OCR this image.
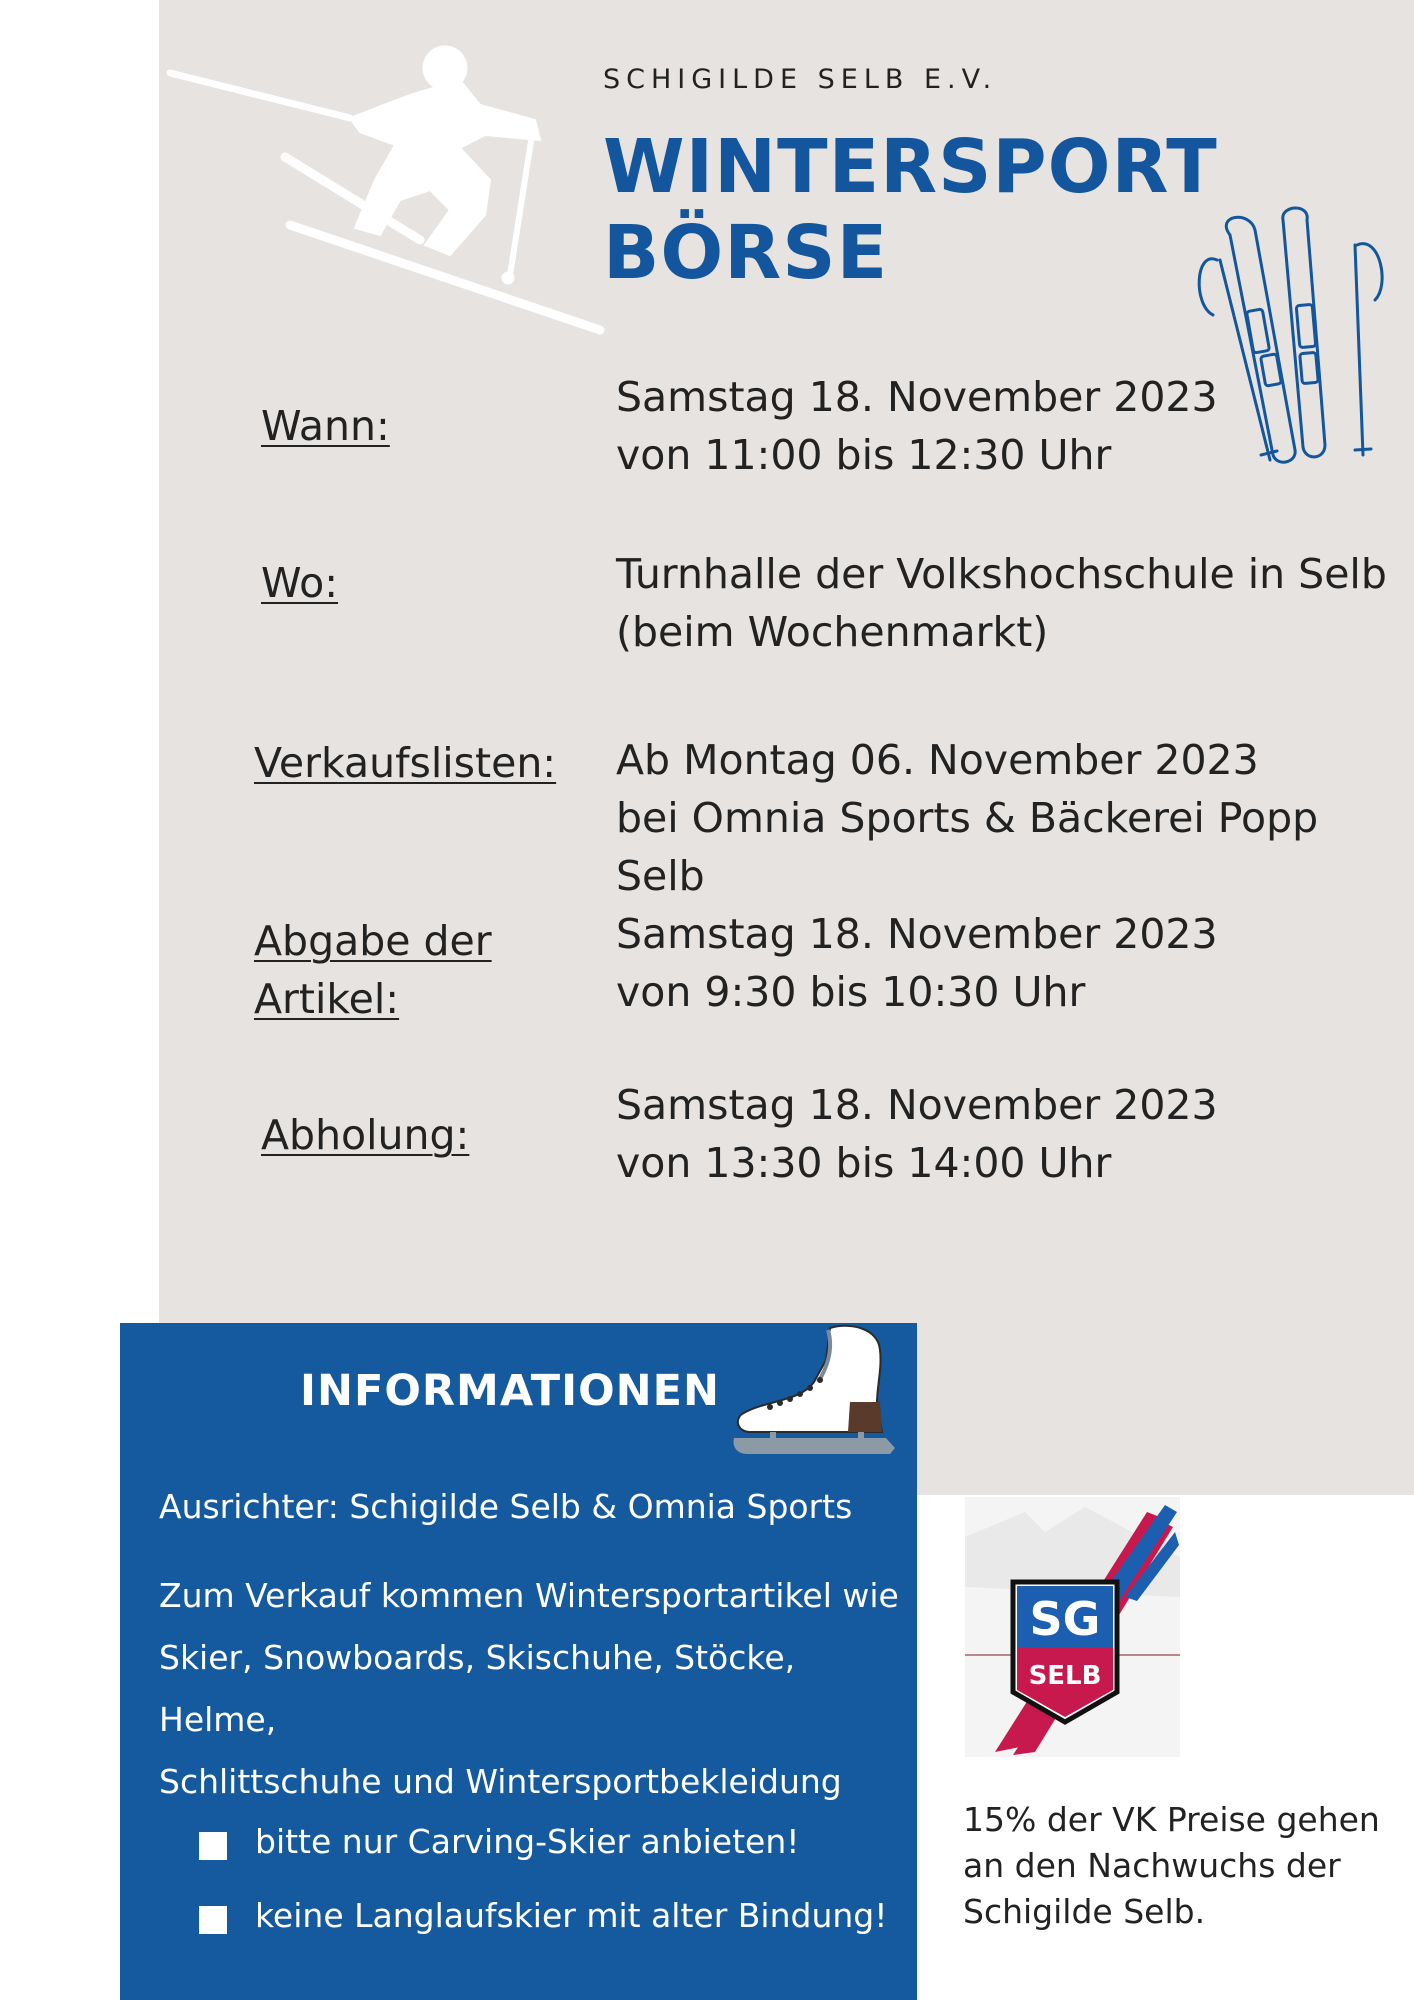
SCHIGILDE SELB E.V.
WINTERSPORT
BÖRSE
Wann:
Samstag 18. November 2023
von 11:00 bis 12:30 Uhr
Wo:	Turnhalle der Volkshochschule in Selb
(beim Wochenmarkt)
Verkaufslisten: Ab Montag 06. November 2023
bei Omnia Sports & Bäckerei Popp Selb
Abgabe der
Artikel:
Samstag 18. November 2023
von 9:30 bis 10:30 Uhr
Abholung:
Samstag 18. November 2023
von 13:30 bis 14:00 Uhr
INFORMATIONEN
Ausrichter: Schigilde Selb & Omnia Sports
Zum Verkauf kommen Wintersportartikel wie
Skier, Snowboards, Skischuhe, Stöcke, Helme,
Schlittschuhe und Wintersportbekleidung
bitte nur Carving-Skier anbieten!
keine Langlaufskier mit alter Bindung!
SG
SELB
15% der VK Preise gehen
an den Nachwuchs der
Schigilde Selb.
